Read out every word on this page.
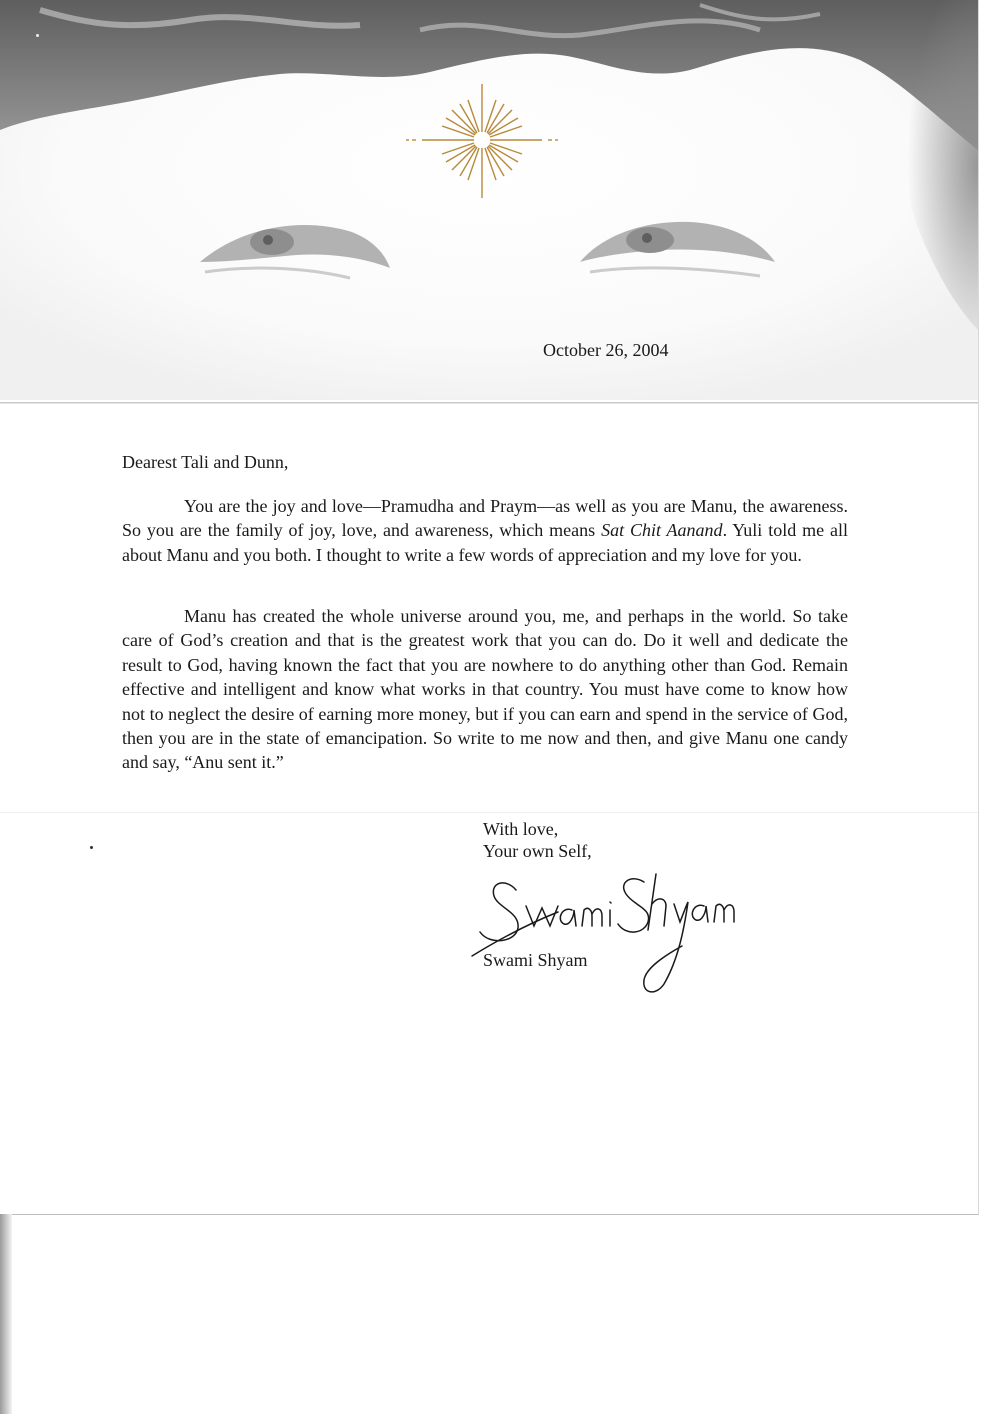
October 26, 2004
Dearest Tali and Dunn,

You are the joy and love—Pramudha and Praym—as well as you are Manu, the awareness. So you are the family of joy, love, and awareness, which means Sat Chit Aanand. Yuli told me all about Manu and you both. I thought to write a few words of appreciation and my love for you.

Manu has created the whole universe around you, me, and perhaps in the world. So take care of God’s creation and that is the greatest work that you can do. Do it well and dedicate the result to God, having known the fact that you are nowhere to do anything other than God. Remain effective and intelligent and know what works in that country. You must have come to know how not to neglect the desire of earning more money, but if you can earn and spend in the service of God, then you are in the state of emancipation. So write to me now and then, and give Manu one candy and say, “Anu sent it.”

With love,
Your own Self,
Swami Shyam
